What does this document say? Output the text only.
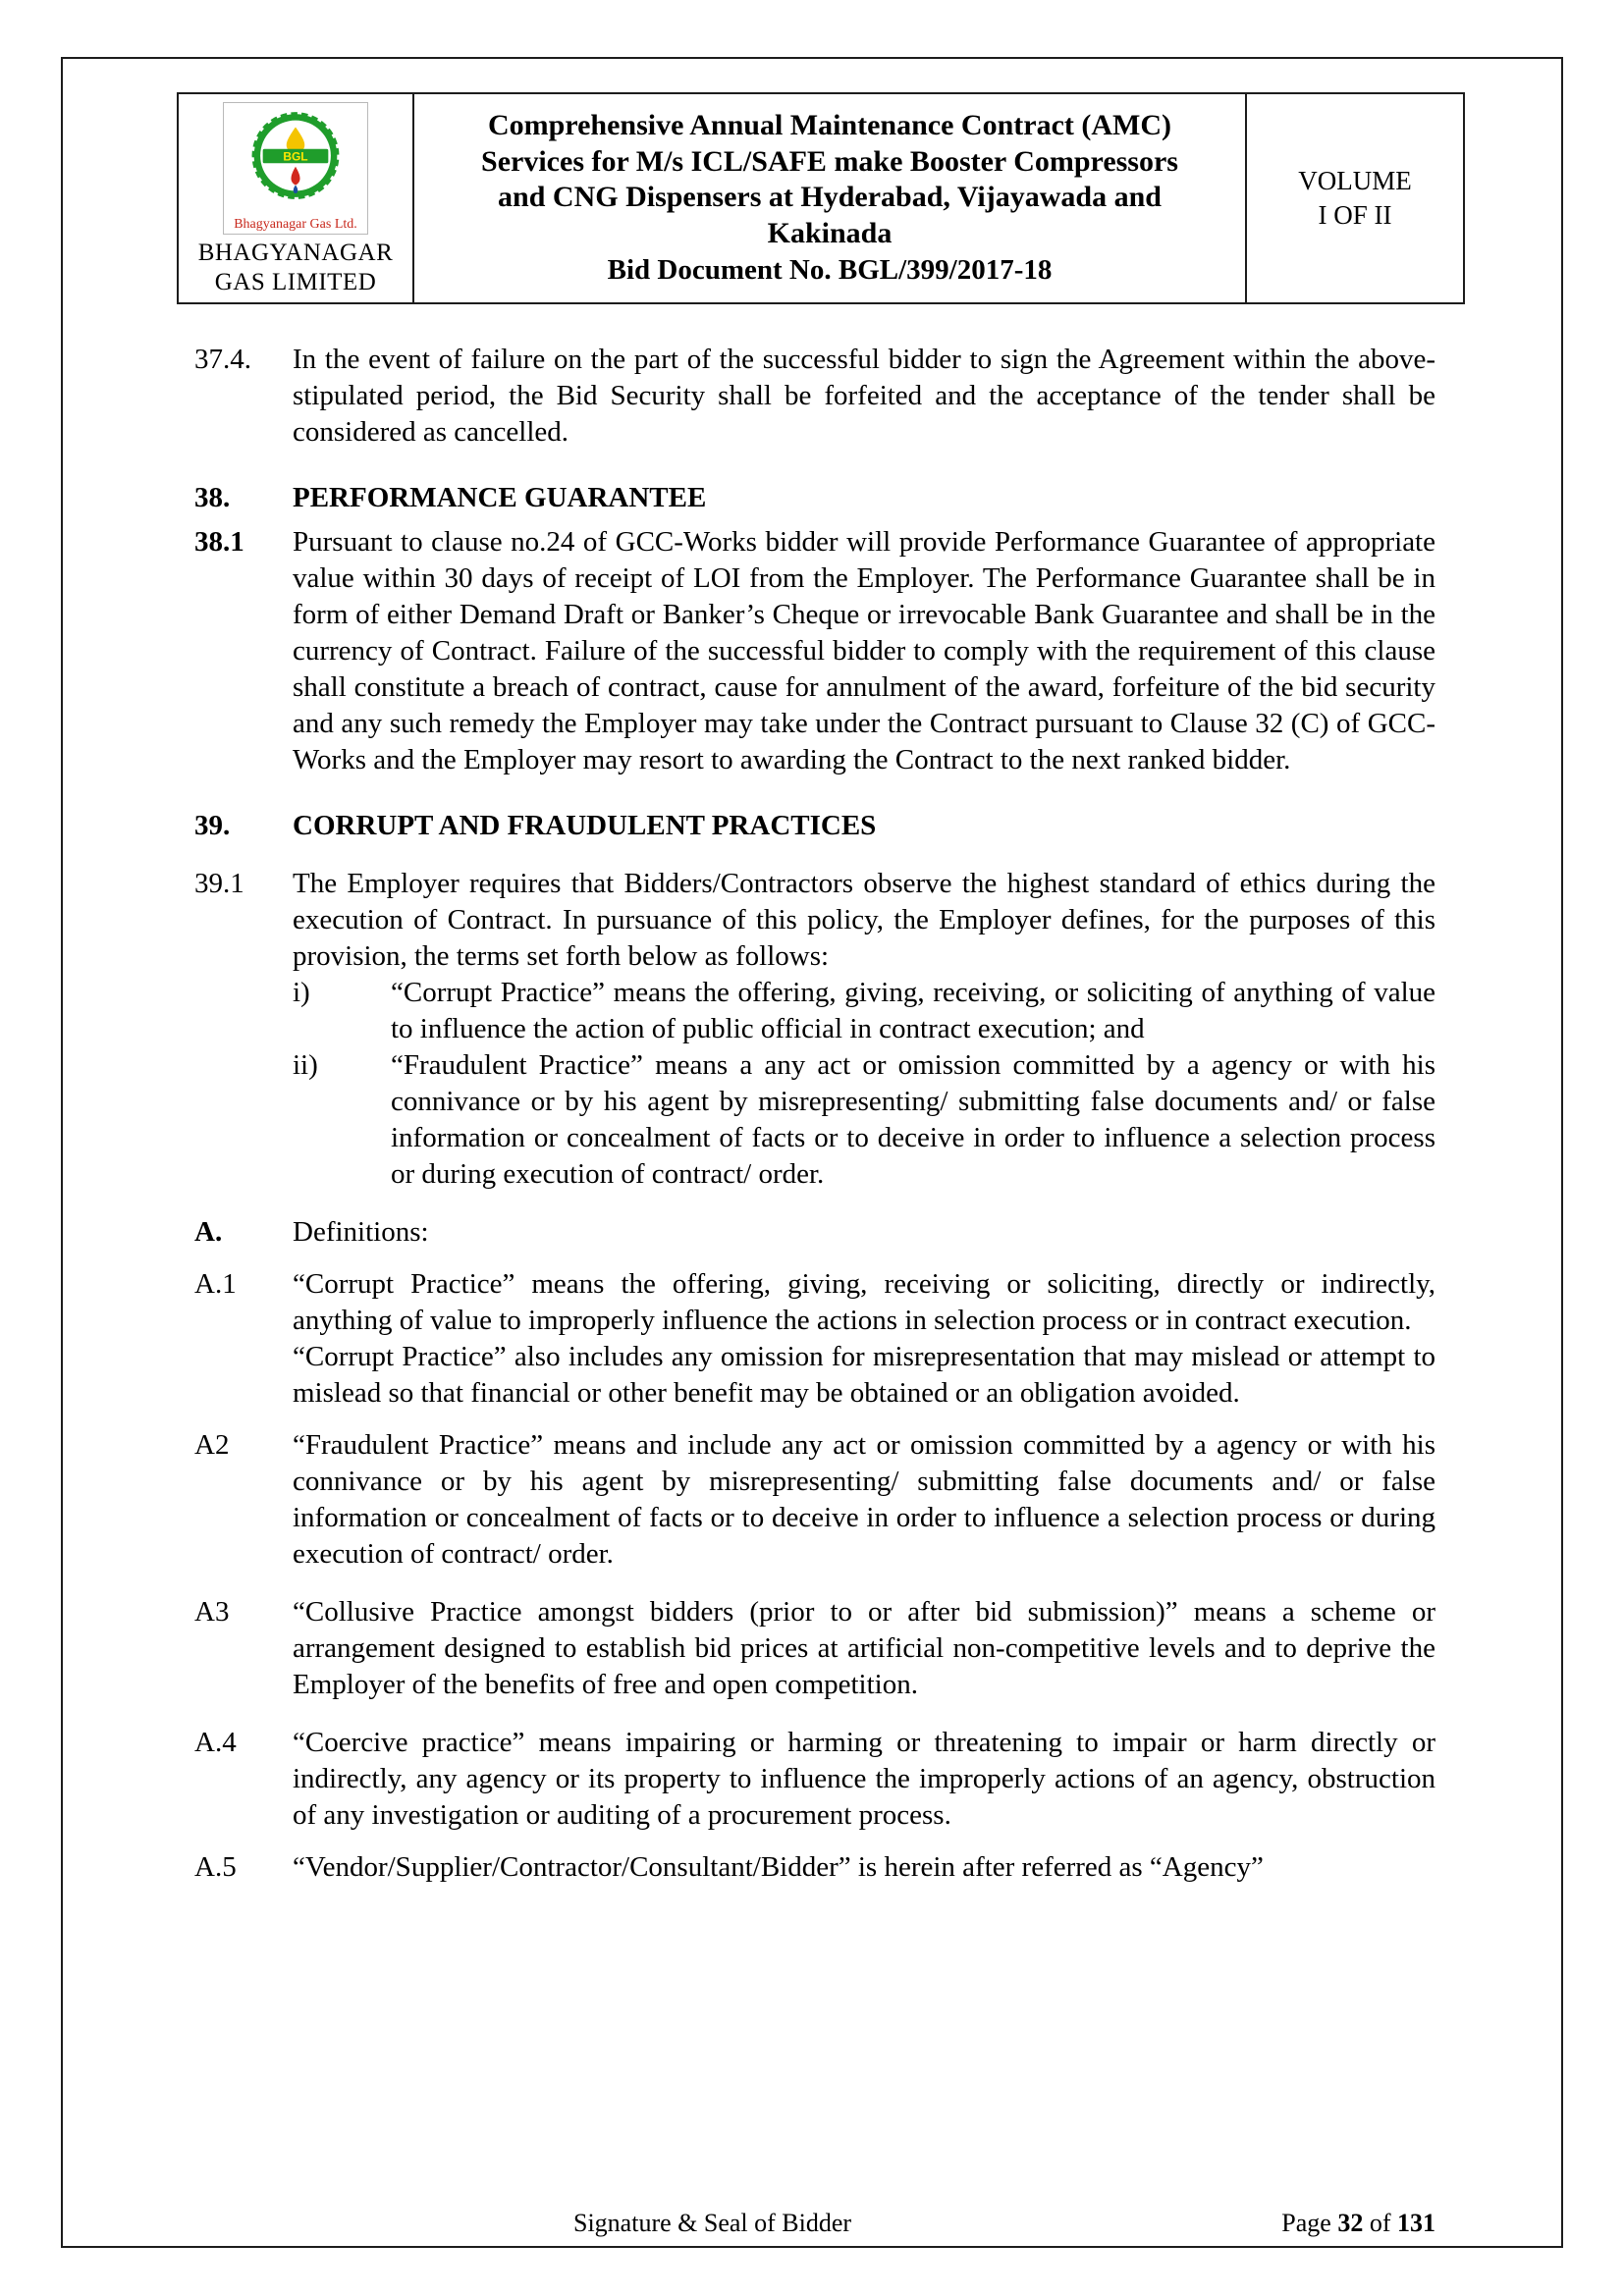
BGL
Bhagyanagar Gas Ltd.
BHAGYANAGAR
GAS LIMITED

Comprehensive Annual Maintenance Contract (AMC)
Services for M/s ICL/SAFE make Booster Compressors
and CNG Dispensers at Hyderabad, Vijayawada and
Kakinada
Bid Document No. BGL/399/2017-18

VOLUME
I OF II
37.4.	In the event of failure on the part of the successful bidder to sign the Agreement within the above-stipulated period, the Bid Security shall be forfeited and the acceptance of the tender shall be considered as cancelled.
38.	PERFORMANCE GUARANTEE
38.1	Pursuant to clause no.24 of GCC-Works bidder will provide Performance Guarantee of appropriate value within 30 days of receipt of LOI from the Employer. The Performance Guarantee shall be in form of either Demand Draft or Banker’s Cheque or irrevocable Bank Guarantee and shall be in the currency of Contract. Failure of the successful bidder to comply with the requirement of this clause shall constitute a breach of contract, cause for annulment of the award, forfeiture of the bid security and any such remedy the Employer may take under the Contract pursuant to Clause 32 (C) of GCC-Works and the Employer may resort to awarding the Contract to the next ranked bidder.
39.	CORRUPT AND FRAUDULENT PRACTICES
39.1	The Employer requires that Bidders/Contractors observe the highest standard of ethics during the execution of Contract. In pursuance of this policy, the Employer defines, for the purposes of this provision, the terms set forth below as follows:
i)	“Corrupt Practice” means the offering, giving, receiving, or soliciting of anything of value to influence the action of public official in contract execution; and
ii)	“Fraudulent Practice” means a any act or omission committed by a agency or with his connivance or by his agent by misrepresenting/ submitting false documents and/ or false information or concealment of facts or to deceive in order to influence a selection process or during execution of contract/ order.
A.	Definitions:
A.1	“Corrupt Practice” means the offering, giving, receiving or soliciting, directly or indirectly, anything of value to improperly influence the actions in selection process or in contract execution.
“Corrupt Practice” also includes any omission for misrepresentation that may mislead or attempt to mislead so that financial or other benefit may be obtained or an obligation avoided.
A2	“Fraudulent Practice” means and include any act or omission committed by a agency or with his connivance or by his agent by misrepresenting/ submitting false documents and/ or false information or concealment of facts or to deceive in order to influence a selection process or during execution of contract/ order.
A3	“Collusive Practice amongst bidders (prior to or after bid submission)” means a scheme or arrangement designed to establish bid prices at artificial non-competitive levels and to deprive the Employer of the benefits of free and open competition.
A.4	“Coercive practice” means impairing or harming or threatening to impair or harm directly or indirectly, any agency or its property to influence the improperly actions of an agency, obstruction of any investigation or auditing of a procurement process.
A.5	“Vendor/Supplier/Contractor/Consultant/Bidder” is herein after referred as “Agency”
Signature & Seal of Bidder	Page 32 of 131
